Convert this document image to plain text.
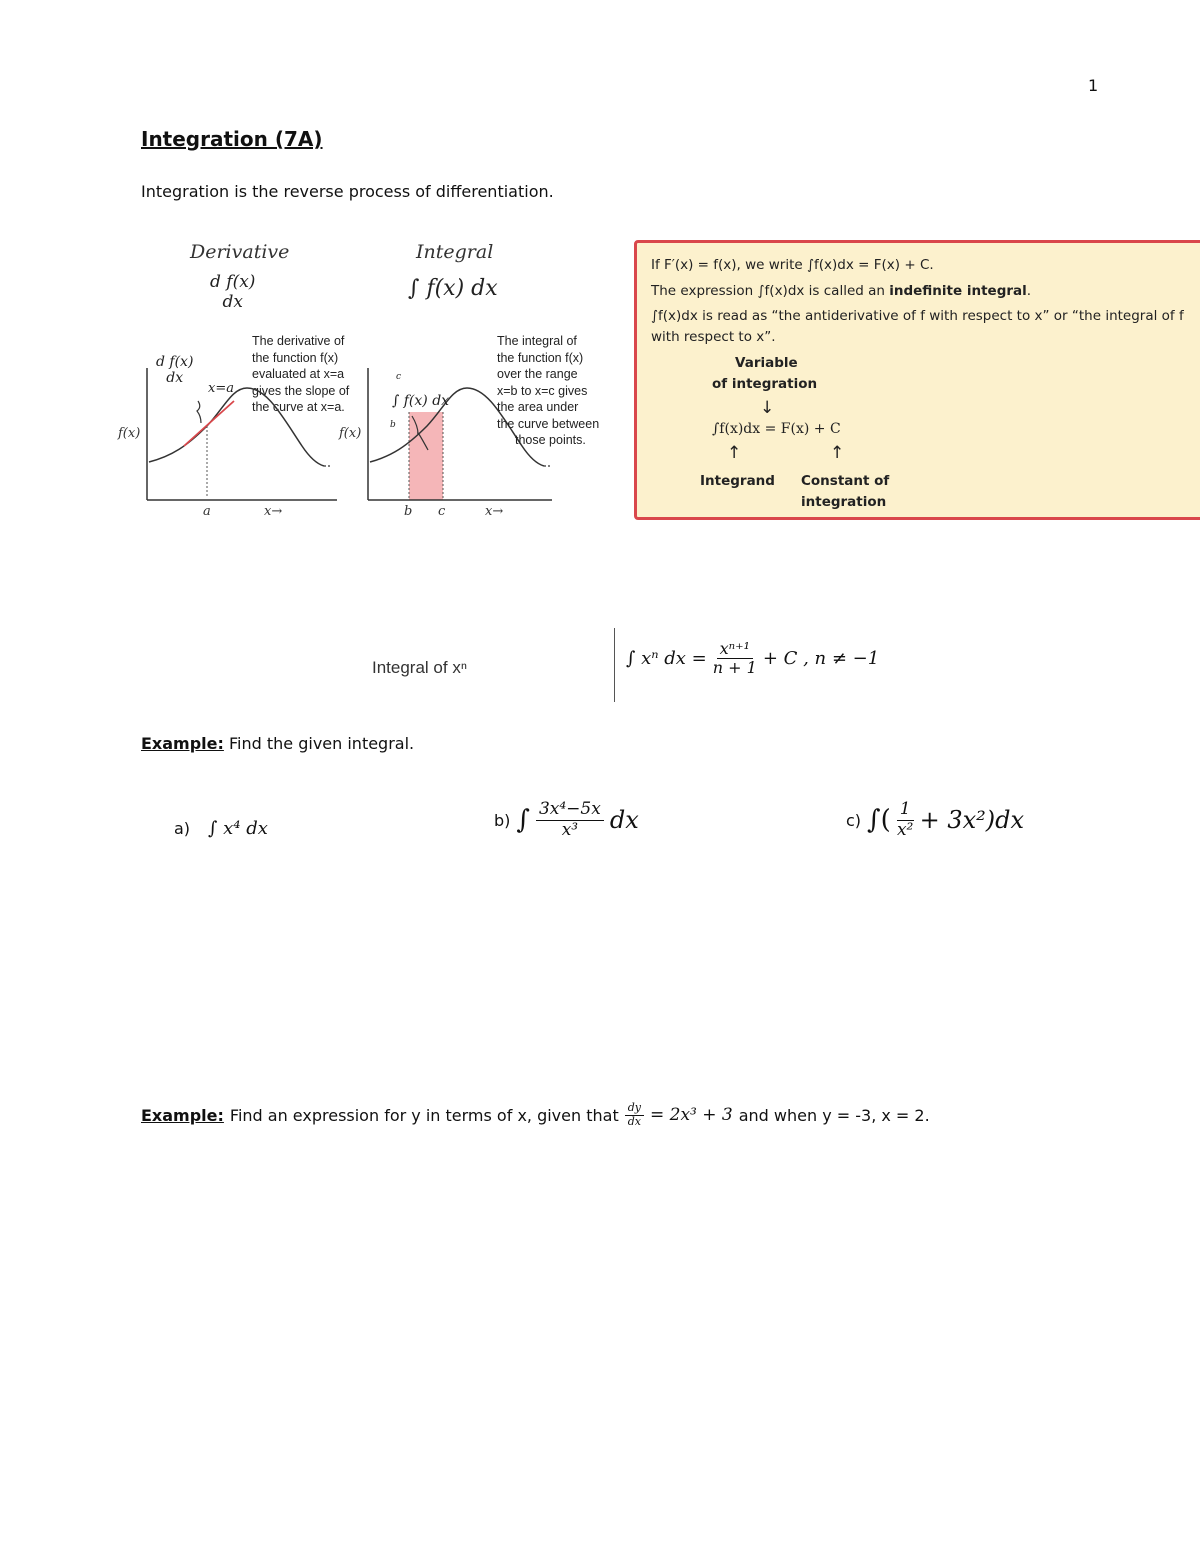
1
Integration (7A)
Integration is the reverse process of differentiation.
Derivative
d f(x)
dx
d f(x)
dx
x=a
f(x)
a	x→
The derivative of
the function f(x)
evaluated at x=a
gives the slope of
the curve at x=a.
Integral
∫ f(x) dx
∫ f(x) dx
c
b
f(x)
b c	x→
The integral of
the function f(x)
over the range
x=b to x=c gives
the area under
the curve between
those points.
If F′(x) = f(x), we write ∫f(x)dx = F(x) + C.
The expression ∫f(x)dx is called an indefinite integral.
∫f(x)dx is read as “the antiderivative of f with respect to x” or “the integral of f
with respect to x”.
Variable
of integration
↓
∫f(x)dx = F(x) + C
↑	↑
Integrand Constant of
integration
Integral of xⁿ	∫ xⁿ dx = $\frac{\text{xⁿ⁺¹}}{n + 1} + C$ , n ≠ −1
Example: Find the given integral.
a) ∫ x⁴ dx	b) ∫ $\frac{\text{3x⁴−5x}}{\text{x³}}$ dx	c) ∫( $\frac{1}{\text{x²}} + 3x^2)dx$
Example: Find an expression for y in terms of x, given that $\frac{dy}{dx} = 2x^3 + 3$ and when y = -3, x = 2.
